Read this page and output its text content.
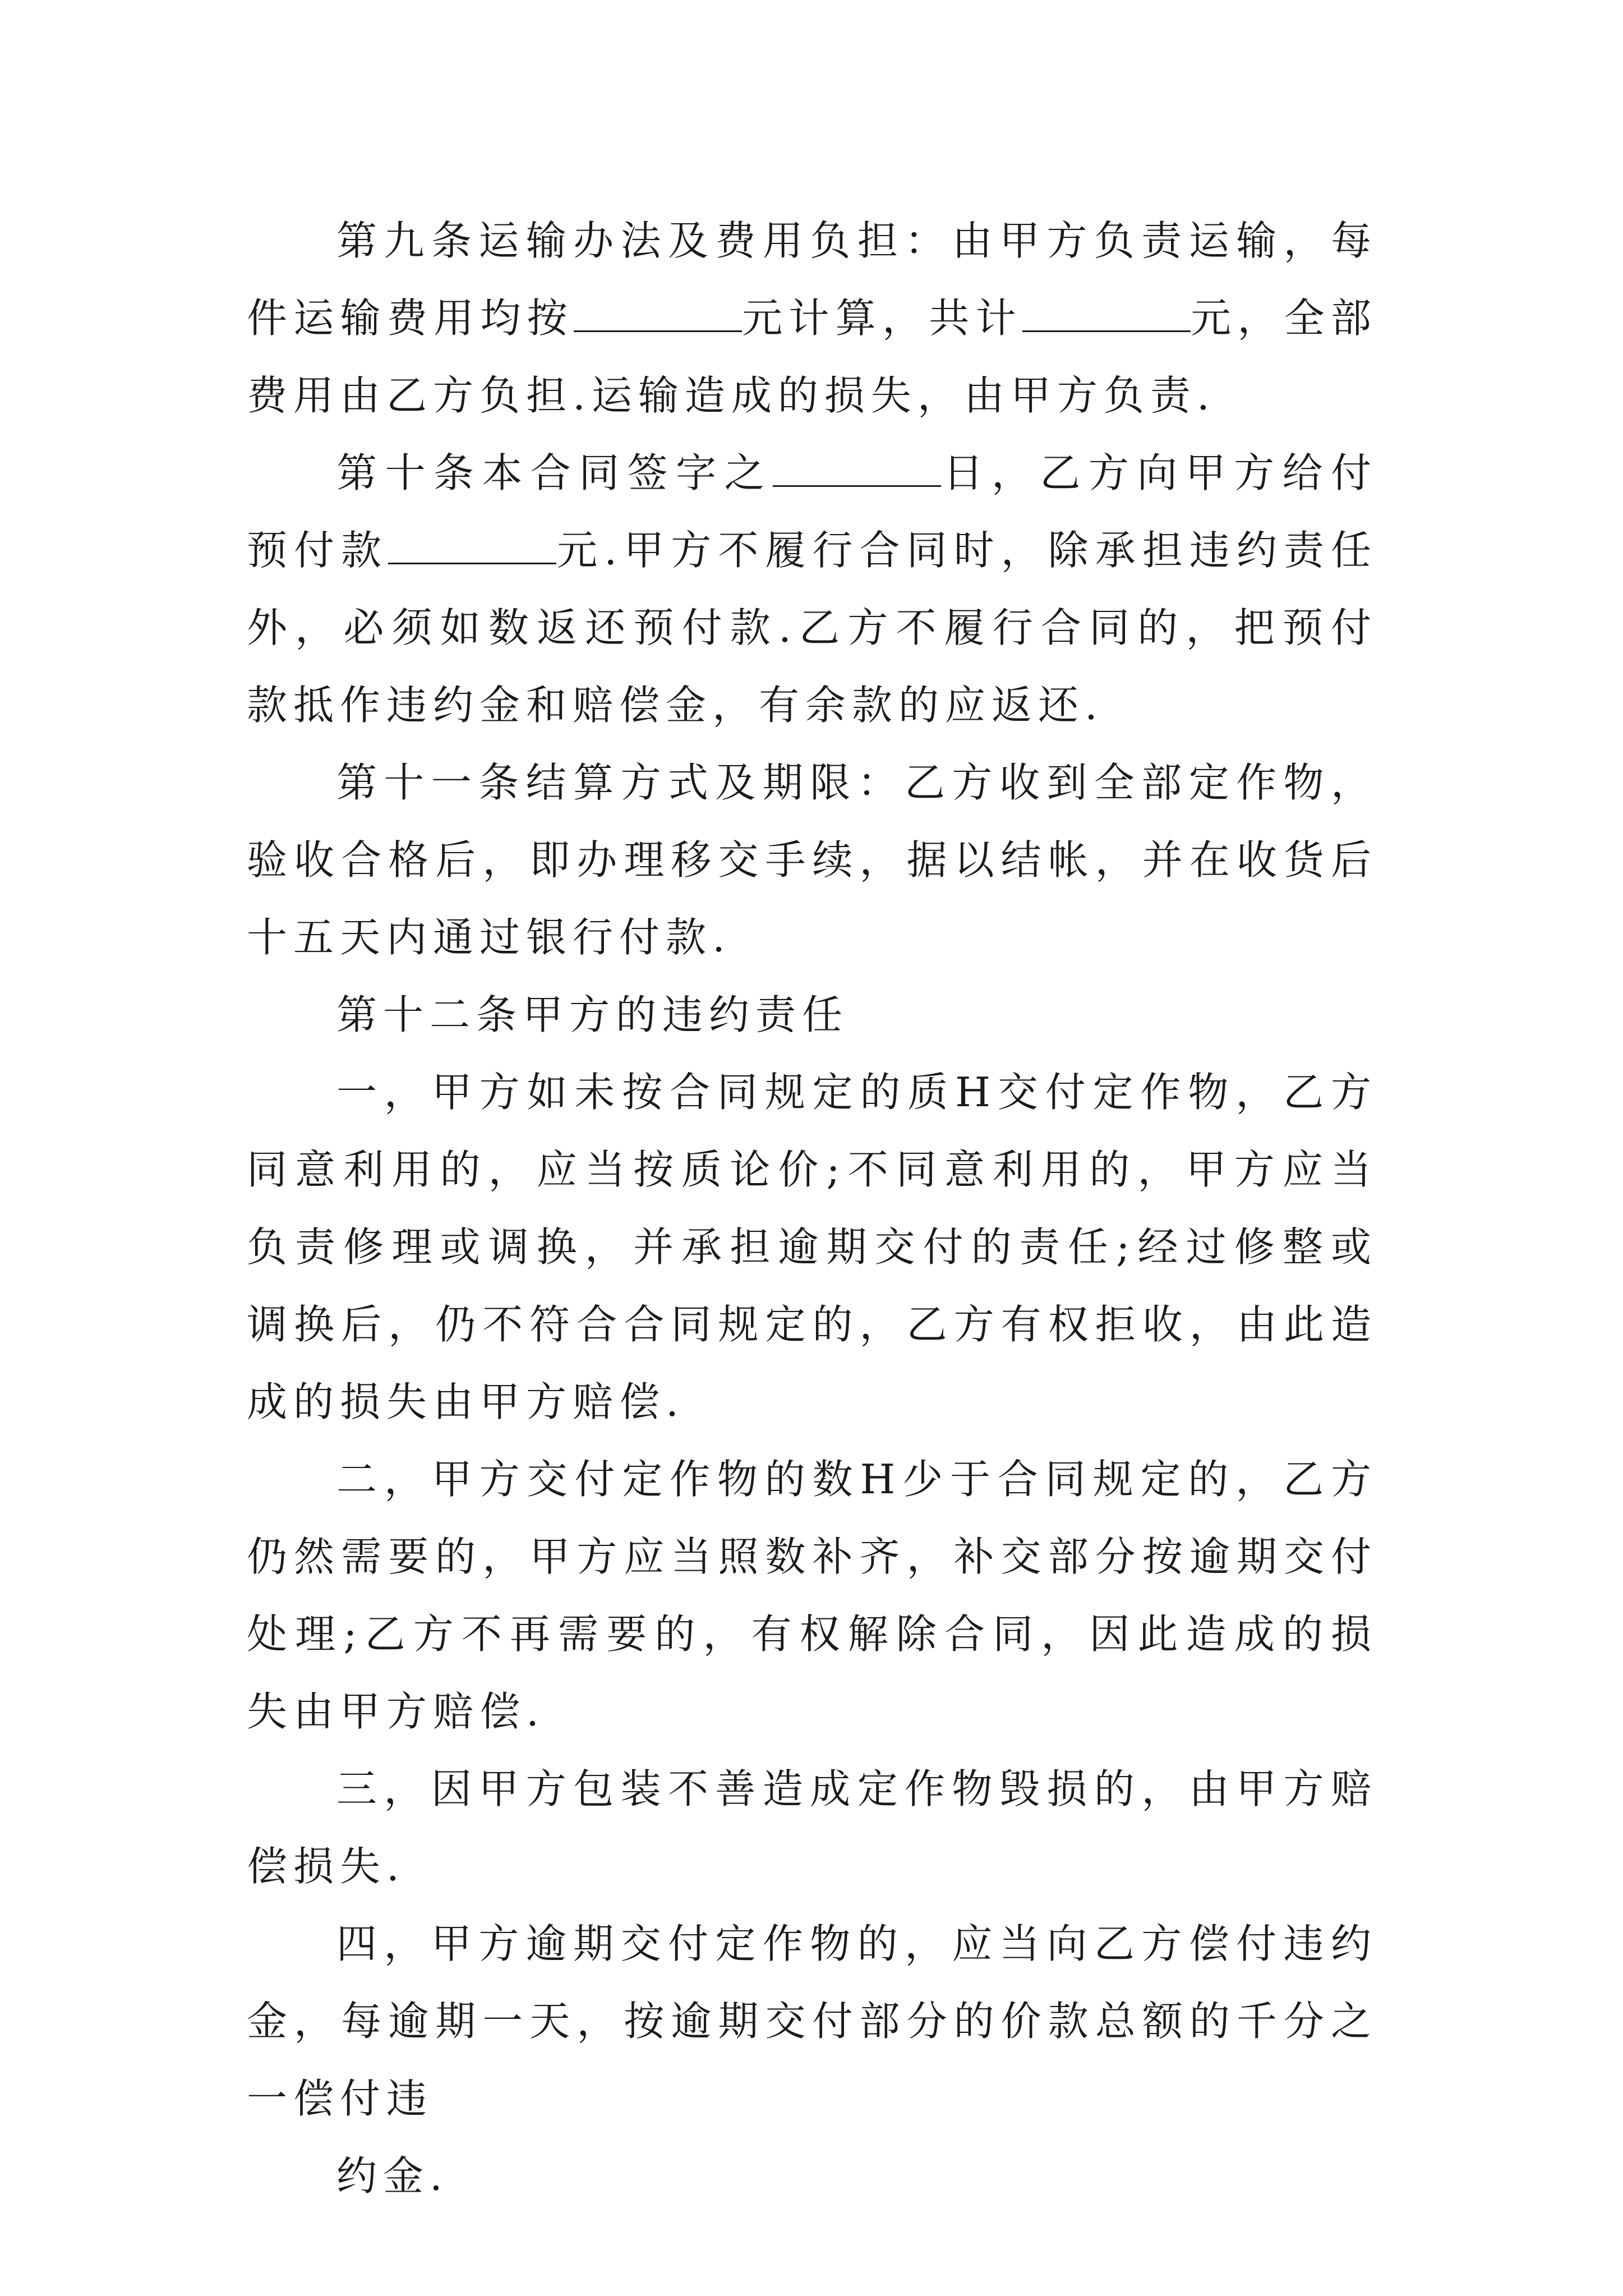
第九条运输办法及费用负担：由甲方负责运输，每件运输费用均按	元计算，共计	元，全部费用由乙方负担.运输造成的损失，由甲方负责.

第十条本合同签字之	日，乙方向甲方给付预付款	元.甲方不履行合同时，除承担违约责任外，必须如数返还预付款.乙方不履行合同的，把预付款抵作违约金和赔偿金，有余款的应返还.

第十一条结算方式及期限：乙方收到全部定作物，验收合格后，即办理移交手续，据以结帐，并在收货后十五天内通过银行付款.

第十二条甲方的违约责任

一，甲方如未按合同规定的质H交付定作物，乙方同意利用的，应当按质论价;不同意利用的，甲方应当负责修理或调换，并承担逾期交付的责任;经过修整或调换后，仍不符合合同规定的，乙方有权拒收，由此造成的损失由甲方赔偿.

二，甲方交付定作物的数H少于合同规定的，乙方仍然需要的，甲方应当照数补齐，补交部分按逾期交付处理;乙方不再需要的，有权解除合同，因此造成的损失由甲方赔偿.

三，因甲方包装不善造成定作物毁损的，由甲方赔偿损失.

四，甲方逾期交付定作物的，应当向乙方偿付违约金，每逾期一天，按逾期交付部分的价款总额的千分之一偿付违

约金.
